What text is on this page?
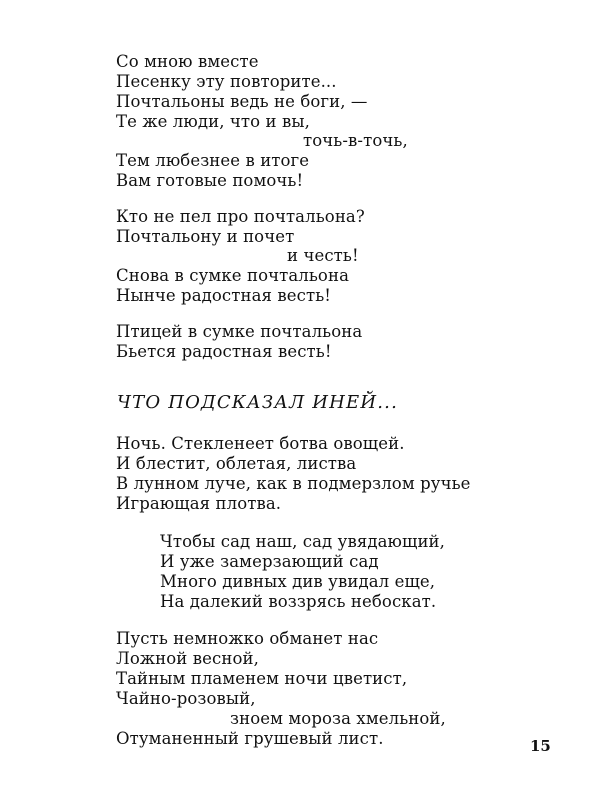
Со мною вместе
Песенку эту повторите...
Почтальоны ведь не боги, —
Те же люди, что и вы,
точь-в-точь,
Тем любезнее в итоге
Вам готовые помочь!
Кто не пел про почтальона?
Почтальону и почет
и честь!
Снова в сумке почтальона
Нынче радостная весть!
Птицей в сумке почтальона
Бьется радостная весть!
ЧТО ПОДСКАЗАЛ ИНЕЙ...
Ночь. Стекленеет ботва овощей.
И блестит, облетая, листва
В лунном луче, как в подмерзлом ручье
Играющая плотва.
Чтобы сад наш, сад увядающий,
И уже замерзающий сад
Много дивных див увидал еще,
На далекий воззрясь небоскат.
Пусть немножко обманет нас
Ложной весной,
Тайным пламенем ночи цветист,
Чайно-розовый,
зноем мороза хмельной,
Отуманенный грушевый лист.	15
